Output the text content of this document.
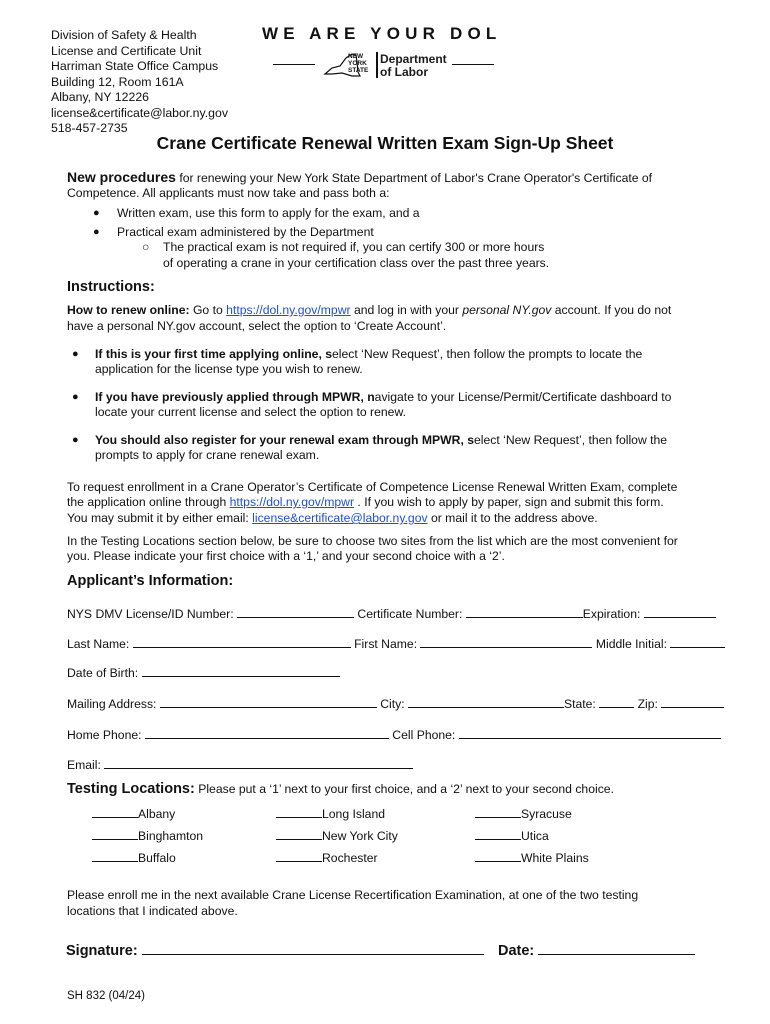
Division of Safety & Health
License and Certificate Unit
Harriman State Office Campus
Building 12, Room 161A
Albany, NY 12226
license&certificate@labor.ny.gov
518-457-2735
WE ARE YOUR DOL
NEW
YORK
STATE
Department
of Labor
Crane Certificate Renewal Written Exam Sign-Up Sheet
New procedures for renewing your New York State Department of Labor's Crane Operator's Certificate of
Competence. All applicants must now take and pass both a:
● Written exam, use this form to apply for the exam, and a
● Practical exam administered by the Department
○ The practical exam is not required if, you can certify 300 or more hours
of operating a crane in your certification class over the past three years.
Instructions:
How to renew online: Go to https://dol.ny.gov/mpwr and log in with your personal NY.gov account. If you do not
have a personal NY.gov account, select the option to ‘Create Account’.
● If this is your first time applying online, select ‘New Request’, then follow the prompts to locate the
application for the license type you wish to renew.
● If you have previously applied through MPWR, navigate to your License/Permit/Certificate dashboard to
locate your current license and select the option to renew.
● You should also register for your renewal exam through MPWR, select ‘New Request’, then follow the
prompts to apply for crane renewal exam.
To request enrollment in a Crane Operator’s Certificate of Competence License Renewal Written Exam, complete
the application online through https://dol.ny.gov/mpwr . If you wish to apply by paper, sign and submit this form.
You may submit it by either email: license&certificate@labor.ny.gov or mail it to the address above.
In the Testing Locations section below, be sure to choose two sites from the list which are the most convenient for
you. Please indicate your first choice with a ‘1,’ and your second choice with a ‘2’.
Applicant’s Information:
NYS DMV License/ID Number:	Certificate Number:	Expiration:
Last Name:	First Name:	Middle Initial:
Date of Birth:
Mailing Address:	City:	State:	Zip:
Home Phone:	Cell Phone:
Email:
Testing Locations: Please put a ‘1’ next to your first choice, and a ‘2’ next to your second choice.
Albany	Long Island	Syracuse
Binghamton	New York City	Utica
Buffalo	Rochester	White Plains
Please enroll me in the next available Crane License Recertification Examination, at one of the two testing
locations that I indicated above.
Signature:	Date:
SH 832 (04/24)
